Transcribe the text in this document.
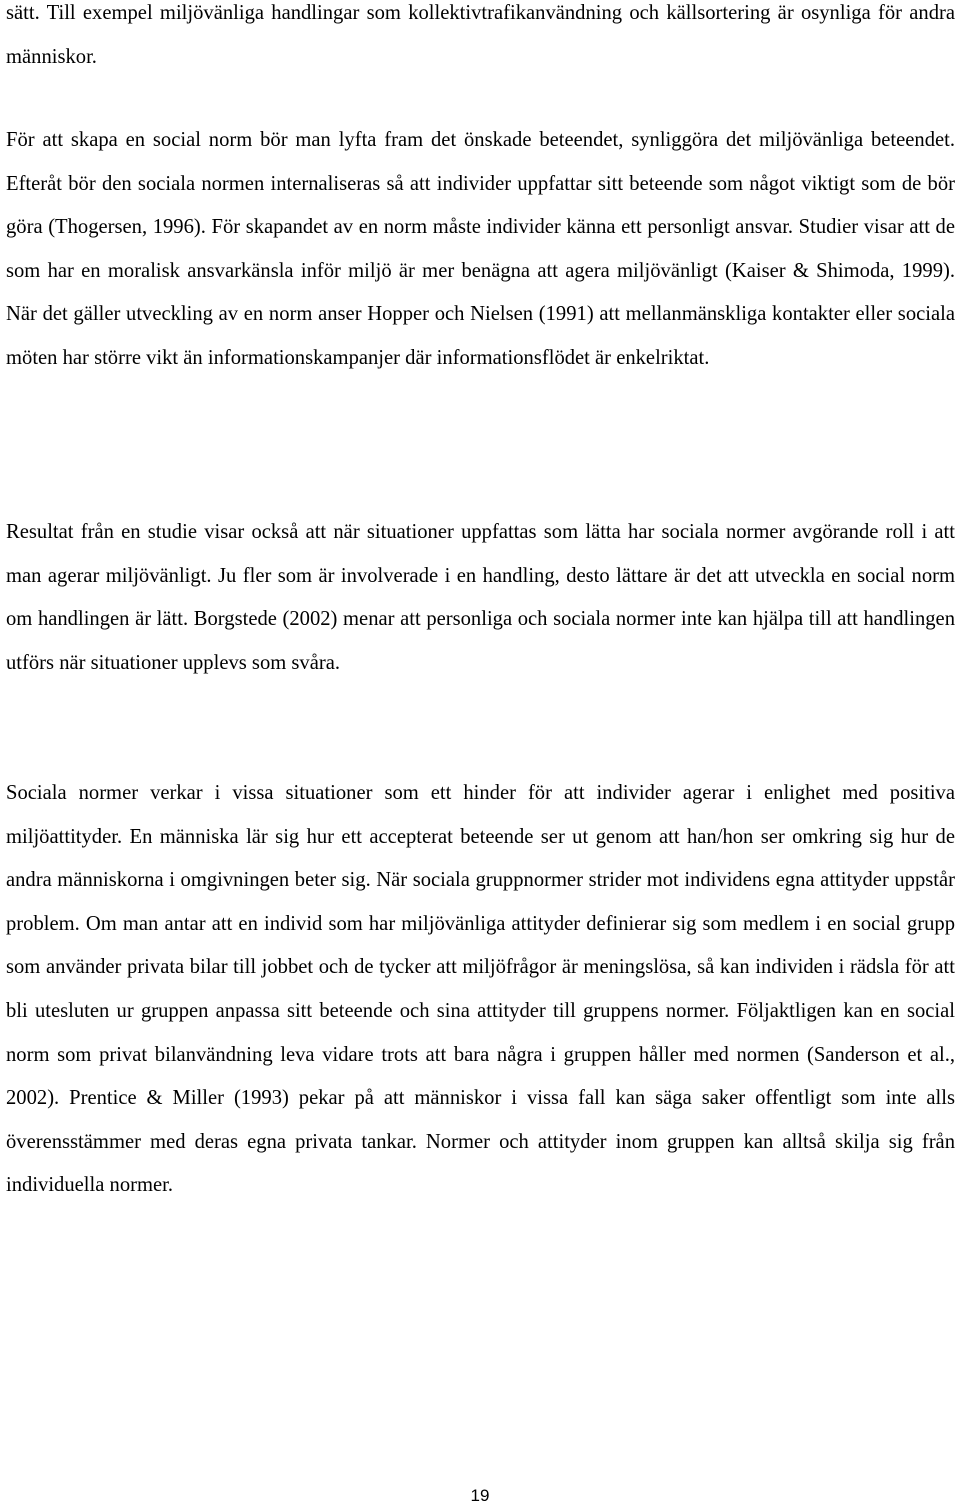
sätt. Till exempel miljövänliga handlingar som kollektivtrafikanvändning och källsortering är osynliga för andra människor.

För att skapa en social norm bör man lyfta fram det önskade beteendet, synliggöra det miljövänliga beteendet. Efteråt bör den sociala normen internaliseras så att individer uppfattar sitt beteende som något viktigt som de bör göra (Thogersen, 1996). För skapandet av en norm måste individer känna ett personligt ansvar. Studier visar att de som har en moralisk ansvarkänsla inför miljö är mer benägna att agera miljövänligt (Kaiser & Shimoda, 1999). När det gäller utveckling av en norm anser Hopper och Nielsen (1991) att mellanmänskliga kontakter eller sociala möten har större vikt än informationskampanjer där informationsflödet är enkelriktat.

Resultat från en studie visar också att när situationer uppfattas som lätta har sociala normer avgörande roll i att man agerar miljövänligt. Ju fler som är involverade i en handling, desto lättare är det att utveckla en social norm om handlingen är lätt. Borgstede (2002) menar att personliga och sociala normer inte kan hjälpa till att handlingen utförs när situationer upplevs som svåra.

Sociala normer verkar i vissa situationer som ett hinder för att individer agerar i enlighet med positiva miljöattityder. En människa lär sig hur ett accepterat beteende ser ut genom att han/hon ser omkring sig hur de andra människorna i omgivningen beter sig. När sociala gruppnormer strider mot individens egna attityder uppstår problem. Om man antar att en individ som har miljövänliga attityder definierar sig som medlem i en social grupp som använder privata bilar till jobbet och de tycker att miljöfrågor är meningslösa, så kan individen i rädsla för att bli utesluten ur gruppen anpassa sitt beteende och sina attityder till gruppens normer. Följaktligen kan en social norm som privat bilanvändning leva vidare trots att bara några i gruppen håller med normen (Sanderson et al., 2002). Prentice & Miller (1993) pekar på att människor i vissa fall kan säga saker offentligt som inte alls överensstämmer med deras egna privata tankar. Normer och attityder inom gruppen kan alltså skilja sig från individuella normer.

19
